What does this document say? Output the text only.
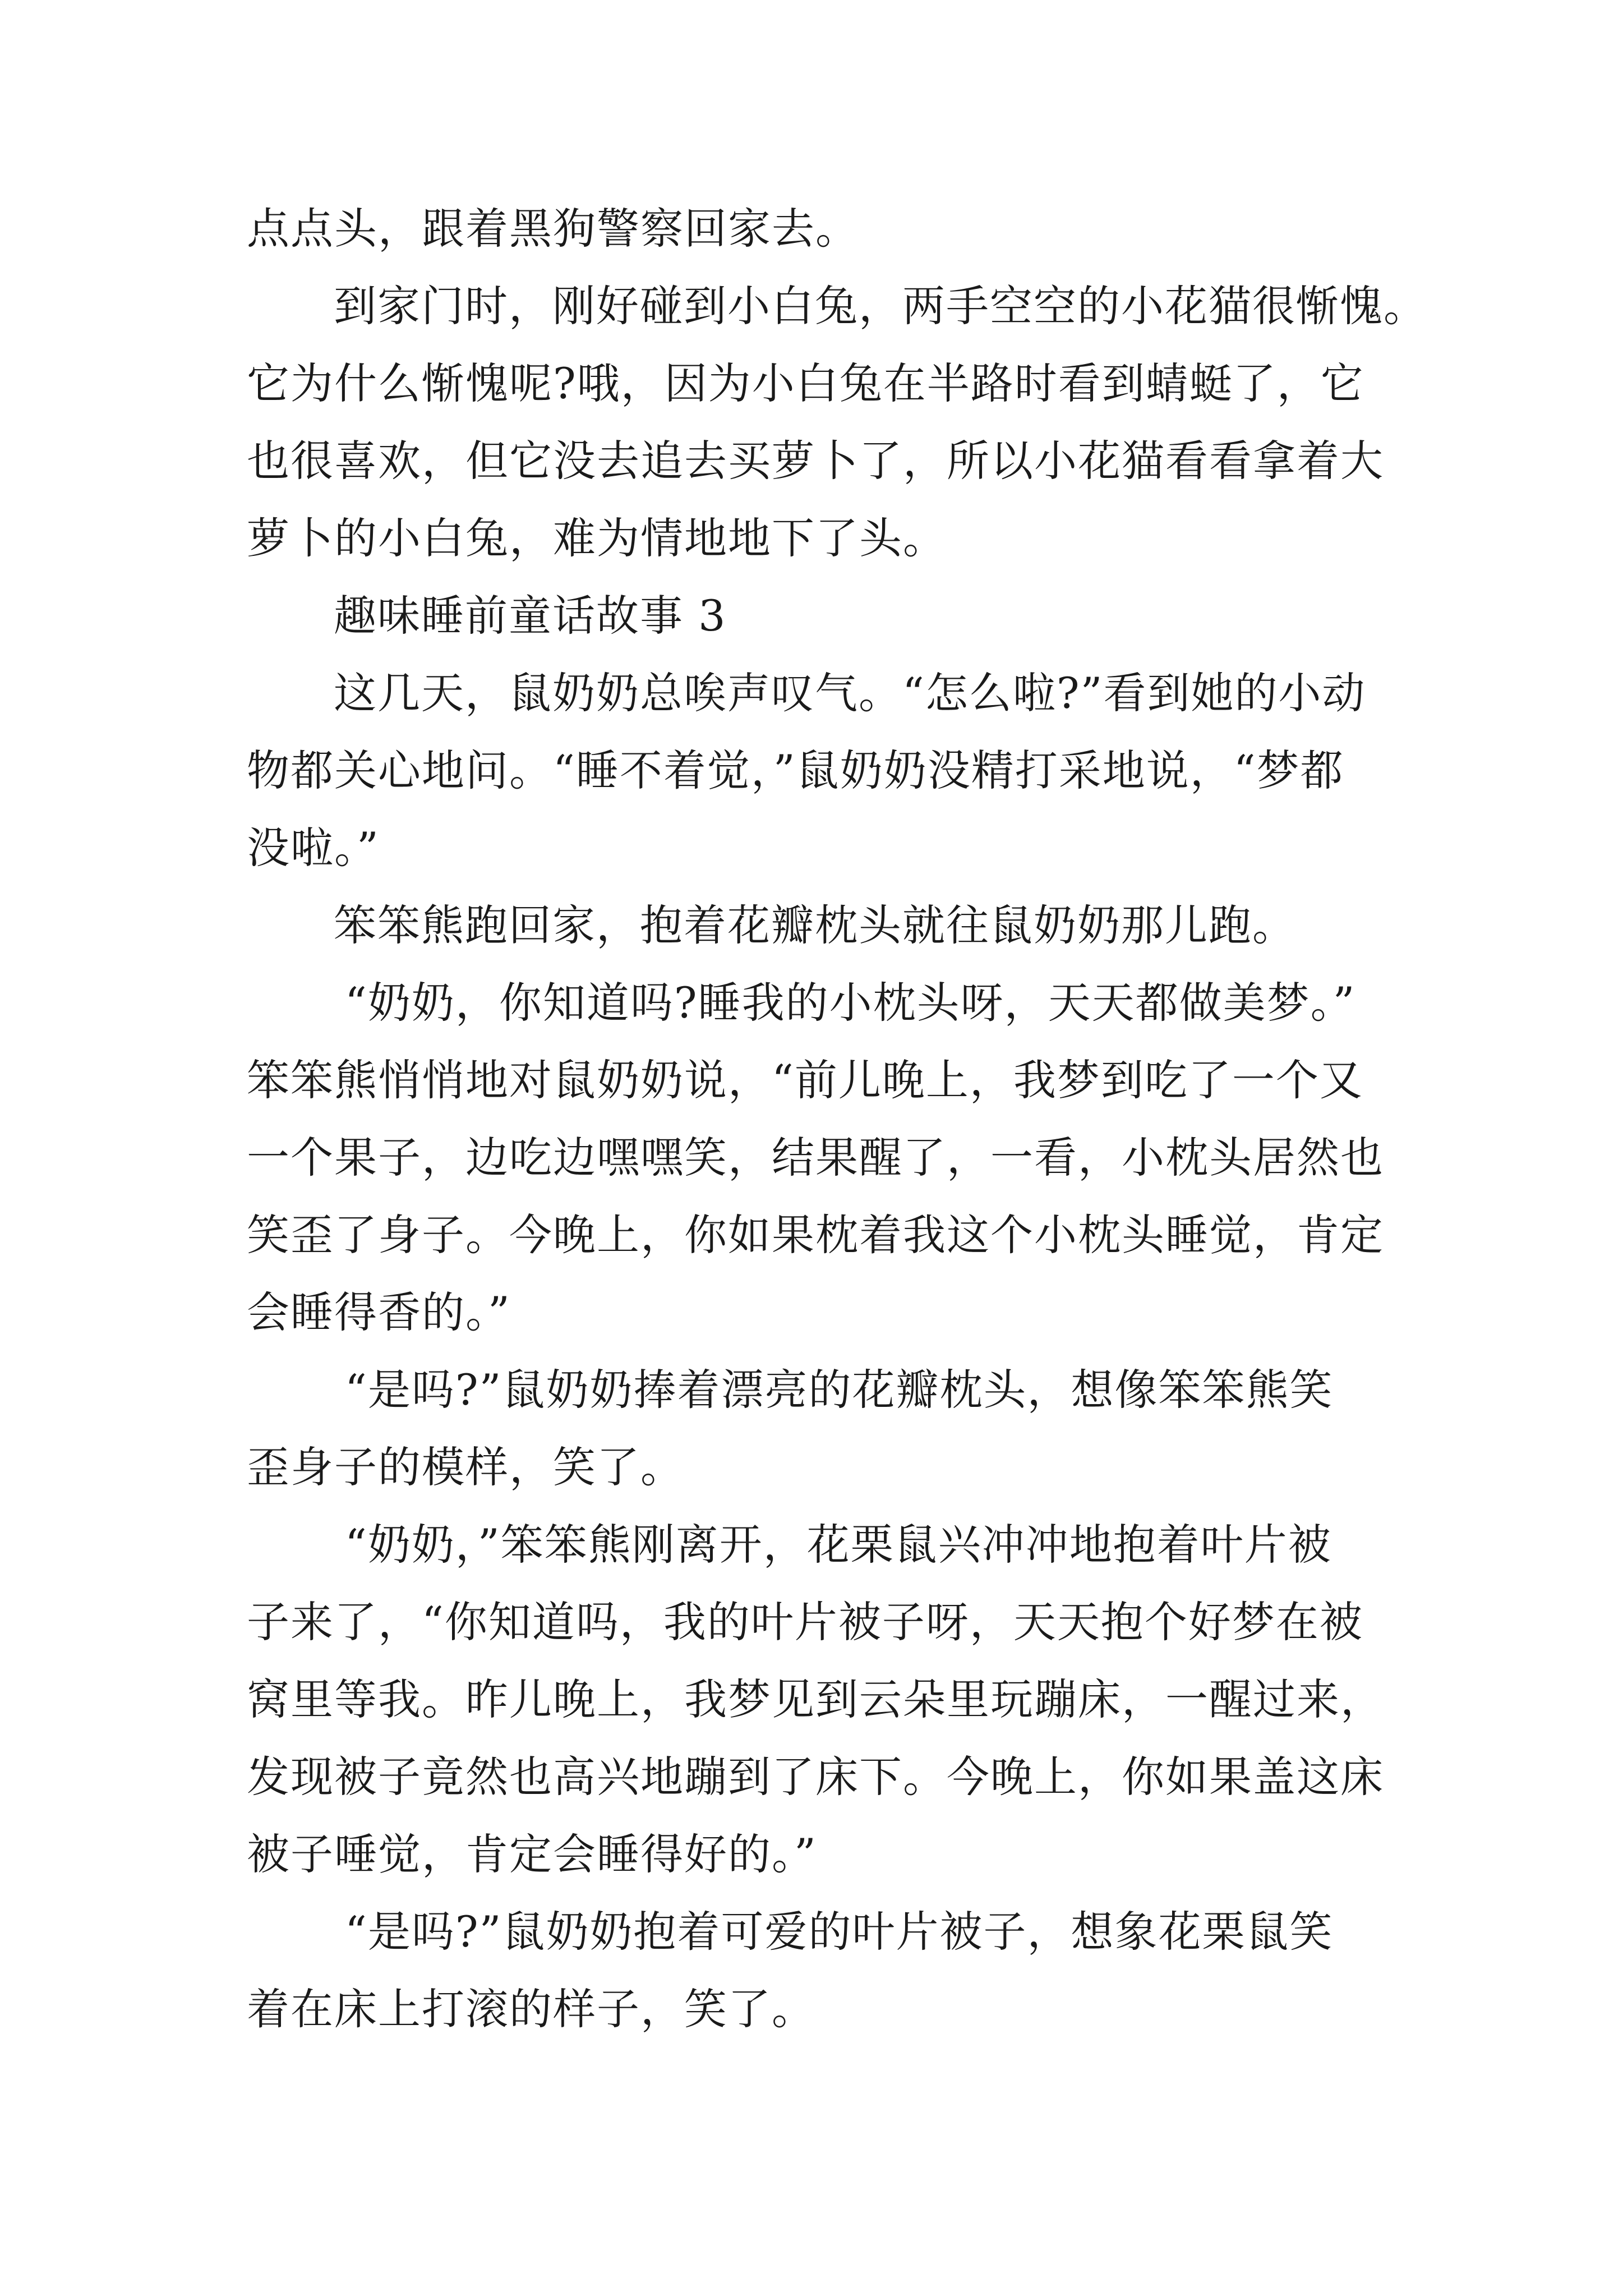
点点头，跟着黑狗警察回家去。
到家门时，刚好碰到小白兔，两手空空的小花猫很惭愧。
它为什么惭愧呢?哦，因为小白兔在半路时看到蜻蜓了，它
也很喜欢，但它没去追去买萝卜了，所以小花猫看看拿着大
萝卜的小白兔，难为情地地下了头。
趣味睡前童话故事 3
这几天，鼠奶奶总唉声叹气。“怎么啦?”看到她的小动
物都关心地问。“睡不着觉，”鼠奶奶没精打采地说，“梦都
没啦。”
笨笨熊跑回家，抱着花瓣枕头就往鼠奶奶那儿跑。
“奶奶，你知道吗?睡我的小枕头呀，天天都做美梦。”
笨笨熊悄悄地对鼠奶奶说，“前儿晚上，我梦到吃了一个又
一个果子，边吃边嘿嘿笑，结果醒了，一看，小枕头居然也
笑歪了身子。今晚上，你如果枕着我这个小枕头睡觉，肯定
会睡得香的。”
“是吗?”鼠奶奶捧着漂亮的花瓣枕头，想像笨笨熊笑
歪身子的模样，笑了。
“奶奶，”笨笨熊刚离开，花栗鼠兴冲冲地抱着叶片被
子来了，“你知道吗，我的叶片被子呀，天天抱个好梦在被
窝里等我。昨儿晚上，我梦见到云朵里玩蹦床，一醒过来，
发现被子竟然也高兴地蹦到了床下。今晚上，你如果盖这床
被子唾觉，肯定会睡得好的。”
“是吗?”鼠奶奶抱着可爱的叶片被子，想象花栗鼠笑
着在床上打滚的样子，笑了。
